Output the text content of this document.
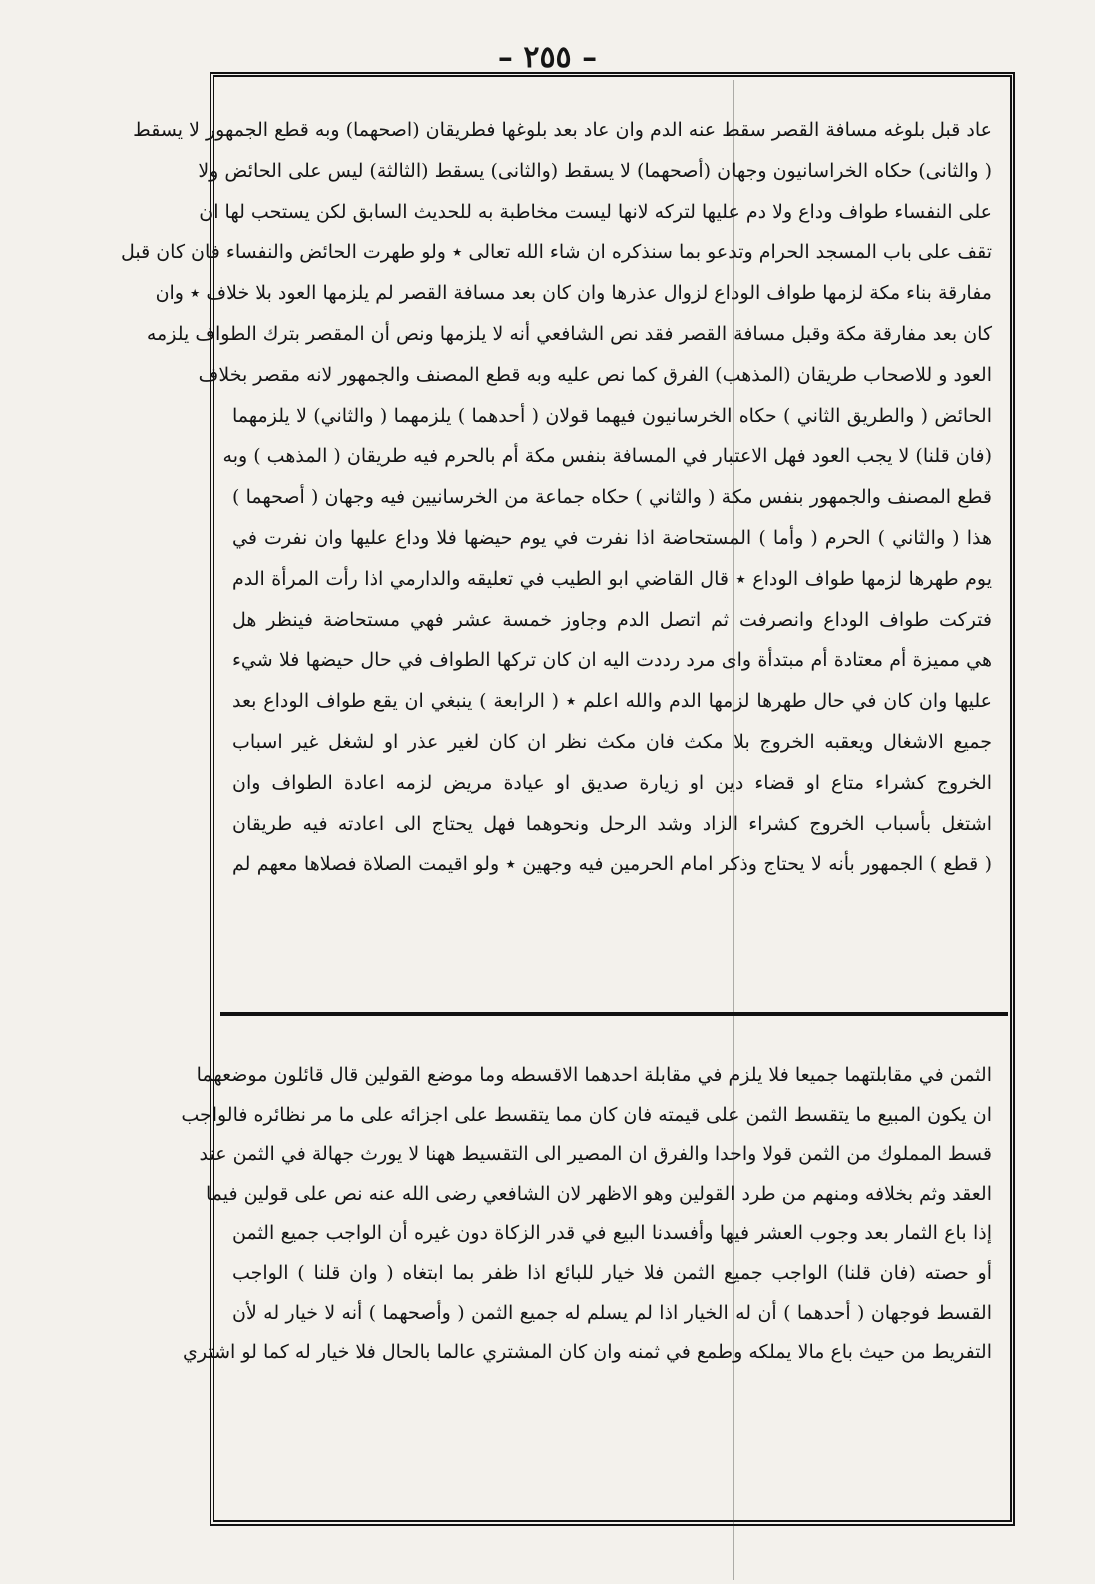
– ٢٥٥ –
عاد قبل بلوغه مسافة القصر سقط عنه الدم وان عاد بعد بلوغها فطريقان (اصحهما) وبه قطع الجمهور لا يسقط
( والثانى) حكاه الخراسانيون وجهان (أصحهما) لا يسقط (والثانى) يسقط (الثالثة) ليس على الحائض ولا
على النفساء طواف وداع ولا دم عليها لتركه لانها ليست مخاطبة به للحديث السابق لكن يستحب لها ان
تقف على باب المسجد الحرام وتدعو بما سنذكره ان شاء الله تعالى ٭ ولو طهرت الحائض والنفساء فان كان قبل
مفارقة بناء مكة لزمها طواف الوداع لزوال عذرها وان كان بعد مسافة القصر لم يلزمها العود بلا خلاف ٭ وان
كان بعد مفارقة مكة وقبل مسافة القصر فقد نص الشافعي أنه لا يلزمها ونص أن المقصر بترك الطواف يلزمه
العود و للاصحاب طريقان (المذهب) الفرق كما نص عليه وبه قطع المصنف والجمهور لانه مقصر بخلاف
الحائض ( والطريق الثاني ) حكاه الخرسانيون فيهما قولان ( أحدهما ) يلزمهما ( والثاني) لا يلزمهما
(فان قلنا) لا يجب العود فهل الاعتبار في المسافة بنفس مكة أم بالحرم فيه طريقان ( المذهب ) وبه
قطع المصنف والجمهور بنفس مكة ( والثاني ) حكاه جماعة من الخرسانيين فيه وجهان ( أصحهما )
هذا ( والثاني ) الحرم ( وأما ) المستحاضة اذا نفرت في يوم حيضها فلا وداع عليها وان نفرت في
يوم طهرها لزمها طواف الوداع ٭ قال القاضي ابو الطيب في تعليقه والدارمي اذا رأت المرأة الدم
فتركت طواف الوداع وانصرفت ثم اتصل الدم وجاوز خمسة عشر فهي مستحاضة فينظر هل
هي مميزة أم معتادة أم مبتدأة واى مرد رددت اليه ان كان تركها الطواف في حال حيضها فلا شيء
عليها وان كان في حال طهرها لزمها الدم والله اعلم ٭ ( الرابعة ) ينبغي ان يقع طواف الوداع بعد
جميع الاشغال ويعقبه الخروج بلا مكث فان مكث نظر ان كان لغير عذر او لشغل غير اسباب
الخروج كشراء متاع او قضاء دين او زيارة صديق او عيادة مريض لزمه اعادة الطواف وان
اشتغل بأسباب الخروج كشراء الزاد وشد الرحل ونحوهما فهل يحتاج الى اعادته فيه طريقان
( قطع ) الجمهور بأنه لا يحتاج وذكر امام الحرمين فيه وجهين ٭ ولو اقيمت الصلاة فصلاها معهم لم
الثمن في مقابلتهما جميعا فلا يلزم في مقابلة احدهما الاقسطه وما موضع القولين قال قائلون موضعهما
ان يكون المبيع ما يتقسط الثمن على قيمته فان كان مما يتقسط على اجزائه على ما مر نظائره فالواجب
قسط المملوك من الثمن قولا واحدا والفرق ان المصير الى التقسيط ههنا لا يورث جهالة في الثمن عند
العقد وثم بخلافه ومنهم من طرد القولين وهو الاظهر لان الشافعي رضى الله عنه نص على قولين فيما
إذا باع الثمار بعد وجوب العشر فيها وأفسدنا البيع في قدر الزكاة دون غيره أن الواجب جميع الثمن
أو حصته (فان قلنا) الواجب جميع الثمن فلا خيار للبائع اذا ظفر بما ابتغاه ( وان قلنا ) الواجب
القسط فوجهان ( أحدهما ) أن له الخيار اذا لم يسلم له جميع الثمن ( وأصحهما ) أنه لا خيار له لأن
التفريط من حيث باع مالا يملكه وطمع في ثمنه وان كان المشتري عالما بالحال فلا خيار له كما لو اشتري
